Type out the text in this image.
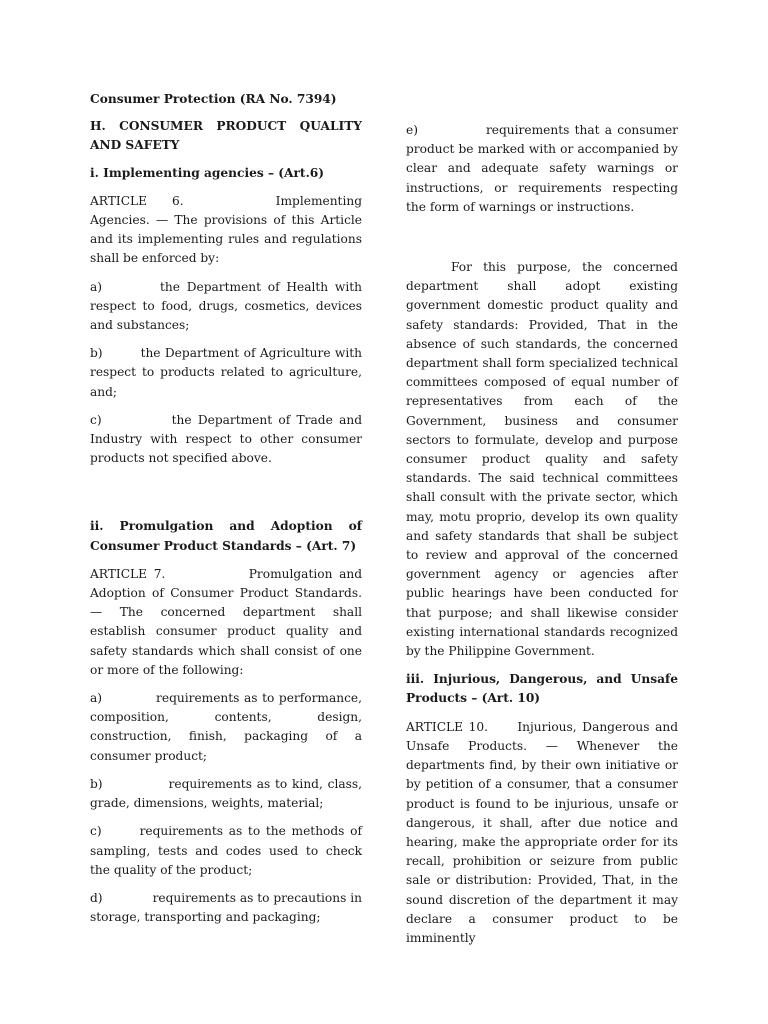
Consumer Protection (RA No. 7394)

H. CONSUMER PRODUCT QUALITY AND SAFETY

i. Implementing agencies – (Art.6)

ARTICLE 6.	Implementing Agencies. — The provisions of this Article and its implementing rules and regulations shall be enforced by:

a)	the Department of Health with respect to food, drugs, cosmetics, devices and substances;

b)	the Department of Agriculture with respect to products related to agriculture, and;

c)	the Department of Trade and Industry with respect to other consumer products not specified above.

ii. Promulgation and Adoption of Consumer Product Standards – (Art. 7)

ARTICLE 7.	Promulgation and Adoption of Consumer Product Standards. — The concerned department shall establish consumer product quality and safety standards which shall consist of one or more of the following:

a)	requirements as to performance, composition, contents, design, construction, finish, packaging of a consumer product;

b)	requirements as to kind, class, grade, dimensions, weights, material;

c)	requirements as to the methods of sampling, tests and codes used to check the quality of the product;

d)	requirements as to precautions in storage, transporting and packaging;

e)	requirements that a consumer product be marked with or accompanied by clear and adequate safety warnings or instructions, or requirements respecting the form of warnings or instructions.

For this purpose, the concerned department shall adopt existing government domestic product quality and safety standards: Provided, That in the absence of such standards, the concerned department shall form specialized technical committees composed of equal number of representatives from each of the Government, business and consumer sectors to formulate, develop and purpose consumer product quality and safety standards. The said technical committees shall consult with the private sector, which may, motu proprio, develop its own quality and safety standards that shall be subject to review and approval of the concerned government agency or agencies after public hearings have been conducted for that purpose; and shall likewise consider existing international standards recognized by the Philippine Government.

iii. Injurious, Dangerous, and Unsafe Products – (Art. 10)

ARTICLE 10. Injurious, Dangerous and Unsafe Products. — Whenever the departments find, by their own initiative or by petition of a consumer, that a consumer product is found to be injurious, unsafe or dangerous, it shall, after due notice and hearing, make the appropriate order for its recall, prohibition or seizure from public sale or distribution: Provided, That, in the sound discretion of the department it may declare a consumer product to be imminently
